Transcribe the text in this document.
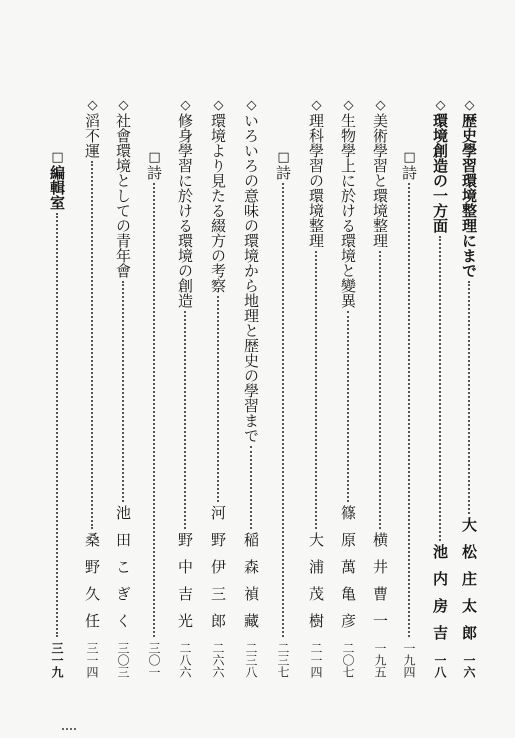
◇
歴史學習環境整理にまで
大松庄太郎
一六
◇
環境創造の一方面
池内房吉
一八
□
詩
一九四
◇
美術學習と環境整理
横井曹一
一九五
◇
生物學上に於ける環境と變異
篠原萬亀彦
二〇七
◇
理科學習の環境整理
大浦茂樹
二一四
□
詩
二三七
◇
いろいろの意味の環境から地理と歴史の學習まで
稲森禎藏
二三八
◇
環境より見たる綴方の考察
河野伊三郎
二六六
◇
修身學習に於ける環境の創造
野中吉光
二八六
□
詩
三〇一
◇
社會環境としての青年會
池田こぎく
三〇三
◇
滔不運
桑野久任
三一四
□
編輯室
三一九
